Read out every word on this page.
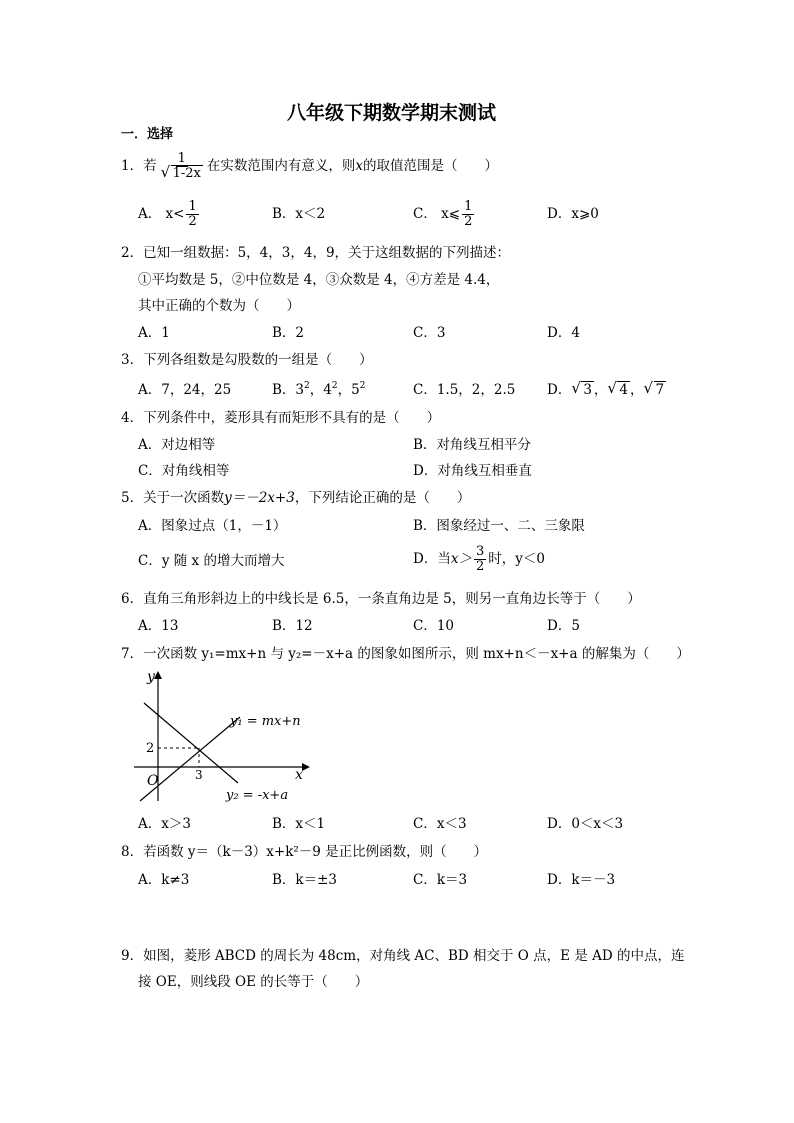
八年级下期数学期末测试
一．选择
1．若 $\frac{1}{√ 1-2x}$ 在实数范围内有意义，则x的取值范围是（　　）
A． $x< \frac{1}{2}$	B．x＜2	C． x⩽ $\frac{1}{2}$	D．x⩾0
2．已知一组数据：5，4，3，4，9，关于这组数据的下列描述：
①平均数是 5，②中位数是 4，③众数是 4，④方差是 4.4，
其中正确的个数为（　　）
A．1	B．2	C．3	D．4
3．下列各组数是勾股数的一组是（　　）
A．7，24，25	B．$3^2$，$4^2$，$5^2$	C．1.5，2，2.5 D． √ 3 ， √ 4 ， √ 7
4．下列条件中，菱形具有而矩形不具有的是（　　）
A．对边相等	B．对角线互相平分
C．对角线相等	D．对角线互相垂直
5．关于一次函数y＝－2x+3，下列结论正确的是（　　）
A．图象过点（1，－1）	B．图象经过一、二、三象限
C．y 随 x 的增大而增大	D．当$x> \frac{3}{2}$ 时，y＜0
6．直角三角形斜边上的中线长是 6.5，一条直角边是 5，则另一直角边长等于（　　）
A．13	B．12	C．10	D．5
7．一次函数 y₁=mx+n 与 y₂=－x+a 的图象如图所示，则 mx+n＜－x+a 的解集为（　　）
y
x
O	3
2
y₁ = mx+n
y₂ = -x+a
A．x＞3	B．x＜1	C．x＜3	D．0＜x＜3
8．若函数 y＝（k－3）x+k²－9 是正比例函数，则（　　）
A．k≠3	B．k＝±3	C．k＝3	D．k＝－3
9．如图，菱形 ABCD 的周长为 48cm，对角线 AC、BD 相交于 O 点，E 是 AD 的中点，连
接 OE，则线段 OE 的长等于（　　）
